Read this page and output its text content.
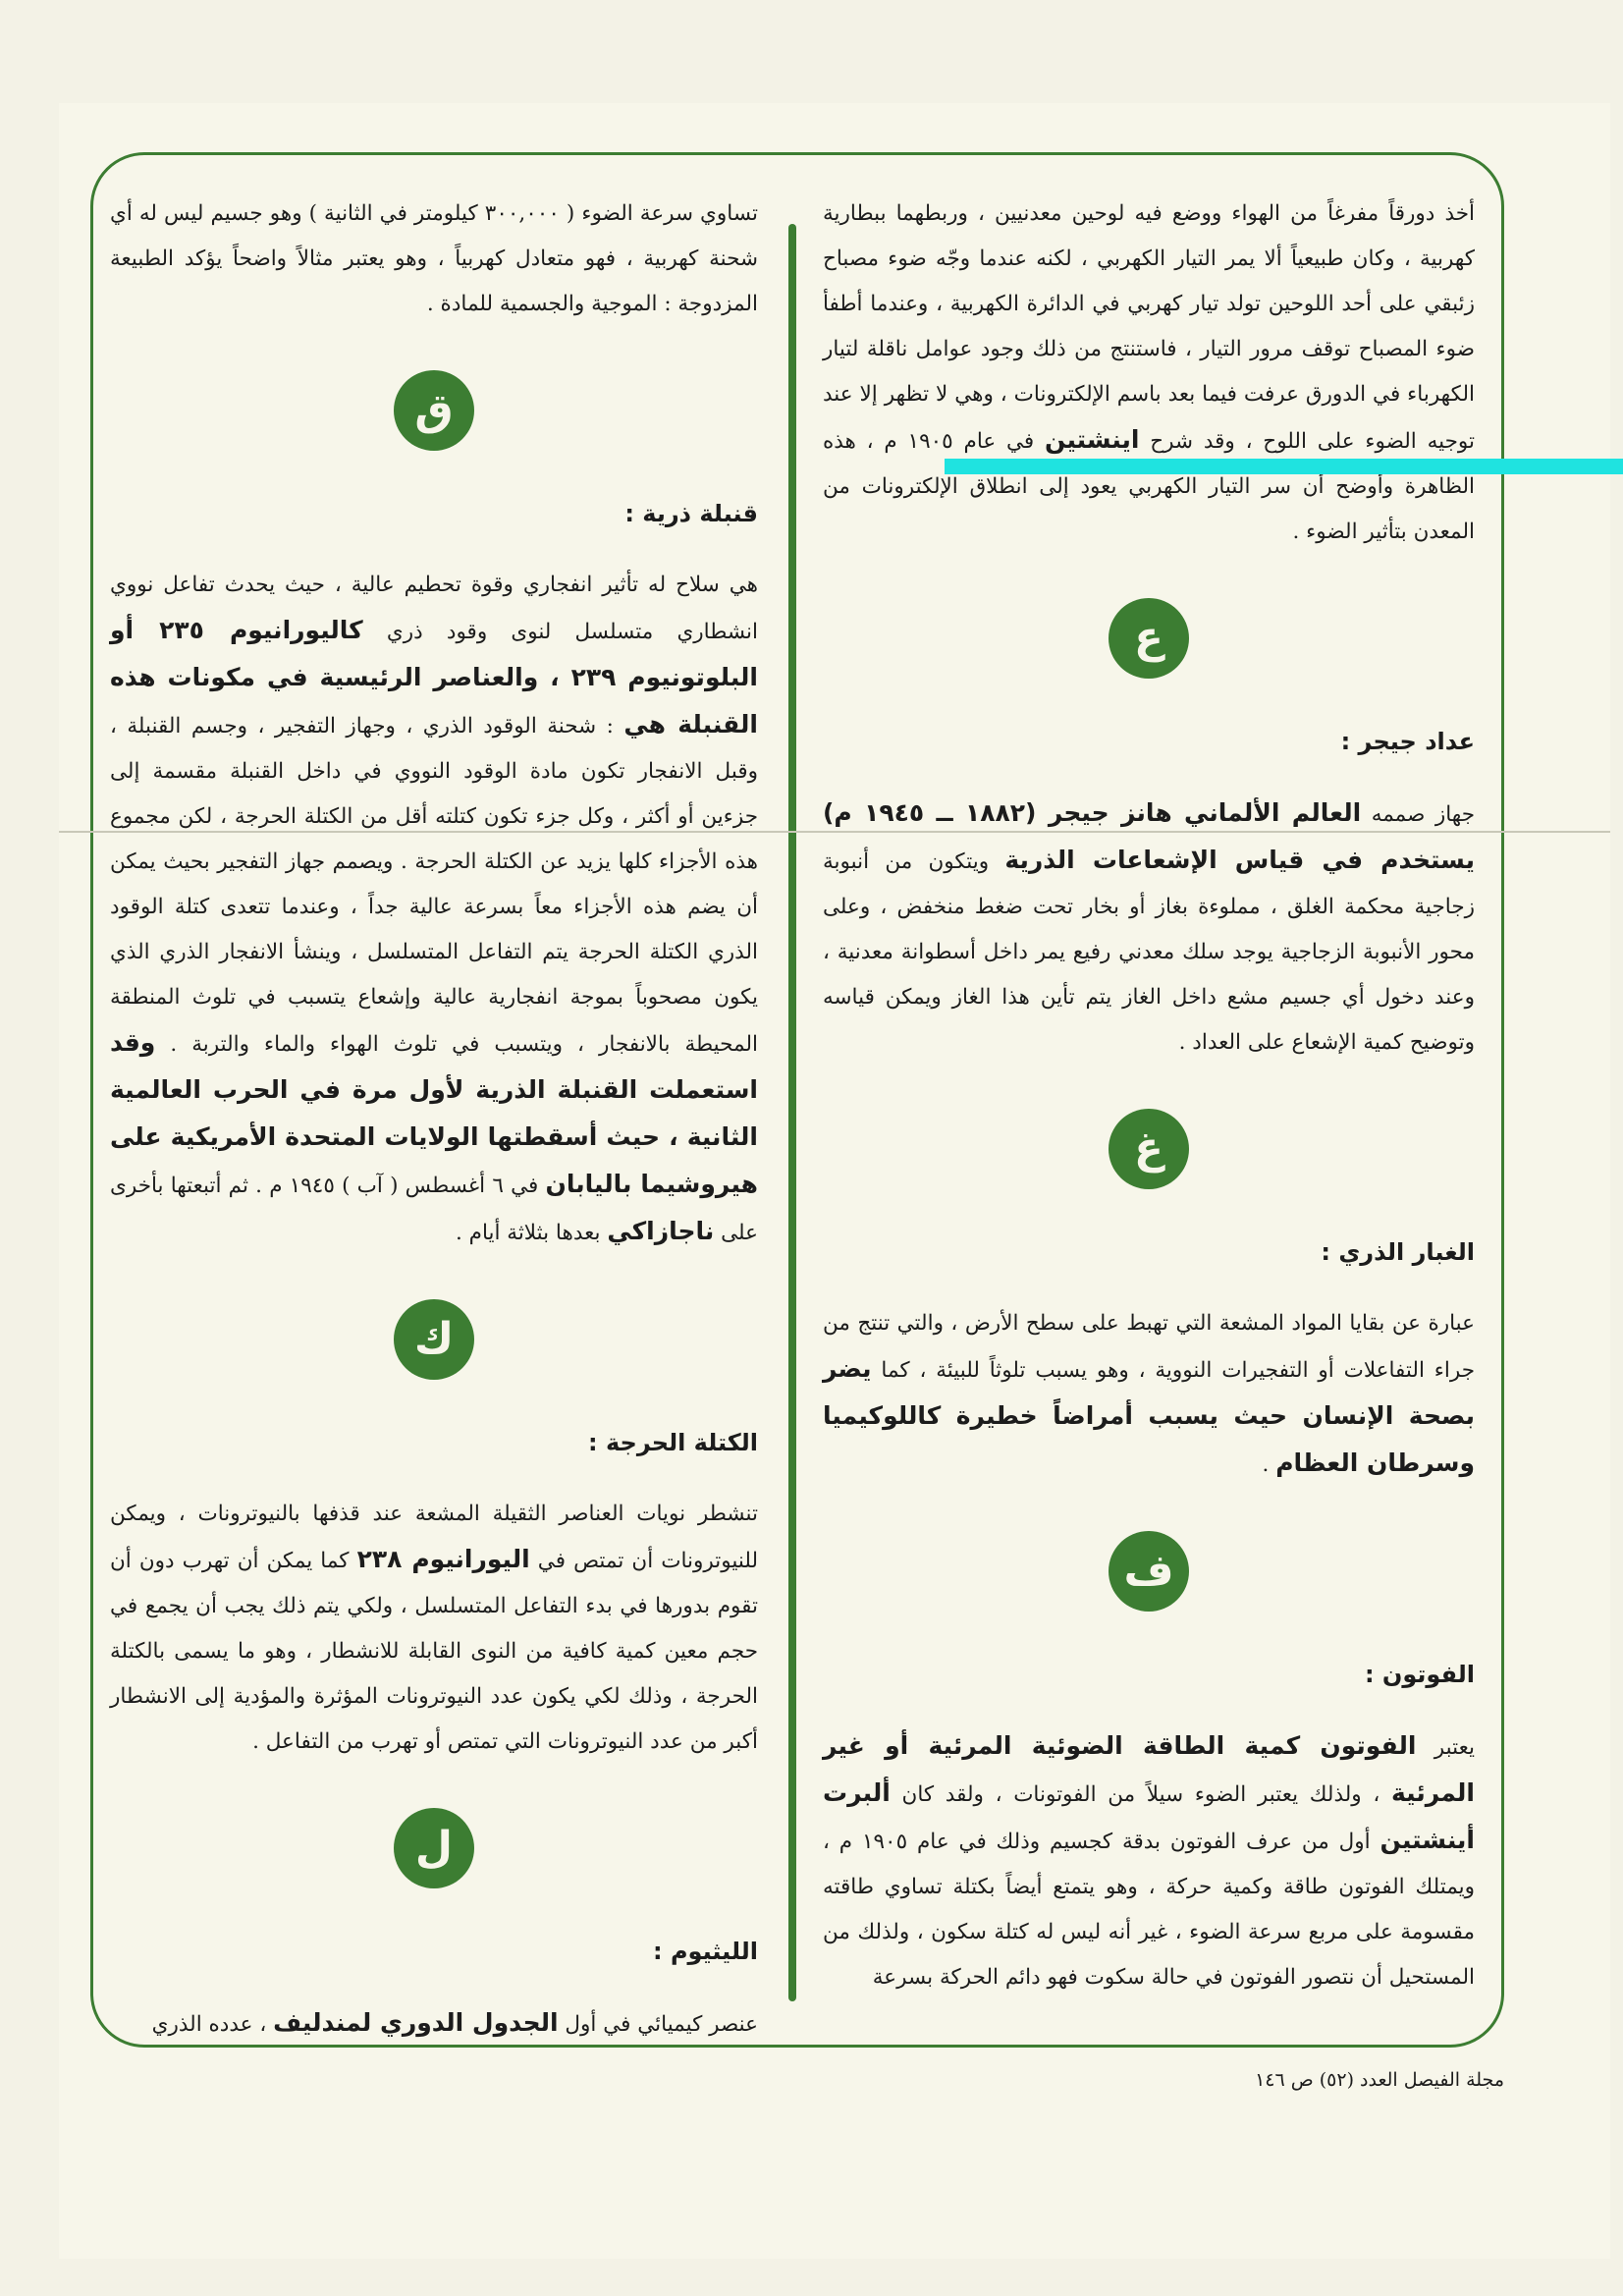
أخذ دورقاً مفرغاً من الهواء ووضع فيه لوحين معدنيين ، وربطهما ببطارية كهربية ، وكان طبيعياً ألا يمر التيار الكهربي ، لكنه عندما وجّه ضوء مصباح زئبقي على أحد اللوحين تولد تيار كهربي في الدائرة الكهربية ، وعندما أطفأ ضوء المصباح توقف مرور التيار ، فاستنتج من ذلك وجود عوامل ناقلة لتيار الكهرباء في الدورق عرفت فيما بعد باسم الإلكترونات ، وهي لا تظهر إلا عند توجيه الضوء على اللوح ، وقد شرح اينشتين في عام ١٩٠٥ م ، هذه الظاهرة وأوضح أن سر التيار الكهربي يعود إلى انطلاق الإلكترونات من المعدن بتأثير الضوء .

ع
عداد جيجر :

جهاز صممه العالم الألماني هانز جيجر (١٨٨٢ ــ ١٩٤٥ م) يستخدم في قياس الإشعاعات الذرية ويتكون من أنبوبة زجاجية محكمة الغلق ، مملوءة بغاز أو بخار تحت ضغط منخفض ، وعلى محور الأنبوبة الزجاجية يوجد سلك معدني رفيع يمر داخل أسطوانة معدنية ، وعند دخول أي جسيم مشع داخل الغاز يتم تأين هذا الغاز ويمكن قياسه وتوضيح كمية الإشعاع على العداد .

غ
الغبار الذري :

عبارة عن بقايا المواد المشعة التي تهبط على سطح الأرض ، والتي تنتج من جراء التفاعلات أو التفجيرات النووية ، وهو يسبب تلوثاً للبيئة ، كما يضر بصحة الإنسان حيث يسبب أمراضاً خطيرة كاللوكيميا وسرطان العظام .

ف
الفوتون :

يعتبر الفوتون كمية الطاقة الضوئية المرئية أو غير المرئية ، ولذلك يعتبر الضوء سيلاً من الفوتونات ، ولقد كان ألبرت أينشتين أول من عرف الفوتون بدقة كجسيم وذلك في عام ١٩٠٥ م ، ويمتلك الفوتون طاقة وكمية حركة ، وهو يتمتع أيضاً بكتلة تساوي طاقته مقسومة على مربع سرعة الضوء ، غير أنه ليس له كتلة سكون ، ولذلك من المستحيل أن نتصور الفوتون في حالة سكوت فهو دائم الحركة بسرعة

تساوي سرعة الضوء ( ٣٠٠,٠٠٠ كيلومتر في الثانية ) وهو جسيم ليس له أي شحنة كهربية ، فهو متعادل كهربياً ، وهو يعتبر مثالاً واضحاً يؤكد الطبيعة المزدوجة : الموجية والجسمية للمادة .

ق
قنبلة ذرية :

هي سلاح له تأثير انفجاري وقوة تحطيم عالية ، حيث يحدث تفاعل نووي انشطاري متسلسل لنوى وقود ذري كاليورانيوم ٢٣٥ أو البلوتونيوم ٢٣٩ ، والعناصر الرئيسية في مكونات هذه القنبلة هي : شحنة الوقود الذري ، وجهاز التفجير ، وجسم القنبلة ، وقبل الانفجار تكون مادة الوقود النووي في داخل القنبلة مقسمة إلى جزءين أو أكثر ، وكل جزء تكون كتلته أقل من الكتلة الحرجة ، لكن مجموع هذه الأجزاء كلها يزيد عن الكتلة الحرجة . ويصمم جهاز التفجير بحيث يمكن أن يضم هذه الأجزاء معاً بسرعة عالية جداً ، وعندما تتعدى كتلة الوقود الذري الكتلة الحرجة يتم التفاعل المتسلسل ، وينشأ الانفجار الذري الذي يكون مصحوباً بموجة انفجارية عالية وإشعاع يتسبب في تلوث المنطقة المحيطة بالانفجار ، ويتسبب في تلوث الهواء والماء والتربة . وقد استعملت القنبلة الذرية لأول مرة في الحرب العالمية الثانية ، حيث أسقطتها الولايات المتحدة الأمريكية على هيروشيما باليابان في ٦ أغسطس ( آب ) ١٩٤٥ م . ثم أتبعتها بأخرى على ناجازاكي بعدها بثلاثة أيام .

ك
الكتلة الحرجة :

تنشطر نويات العناصر الثقيلة المشعة عند قذفها بالنيوترونات ، ويمكن للنيوترونات أن تمتص في اليورانيوم ٢٣٨ كما يمكن أن تهرب دون أن تقوم بدورها في بدء التفاعل المتسلسل ، ولكي يتم ذلك يجب أن يجمع في حجم معين كمية كافية من النوى القابلة للانشطار ، وهو ما يسمى بالكتلة الحرجة ، وذلك لكي يكون عدد النيوترونات المؤثرة والمؤدية إلى الانشطار أكبر من عدد النيوترونات التي تمتص أو تهرب من التفاعل .

ل
الليثيوم :

عنصر كيميائي في أول الجدول الدوري لمندليف ، عدده الذري

مجلة الفيصل العدد (٥٢) ص ١٤٦
